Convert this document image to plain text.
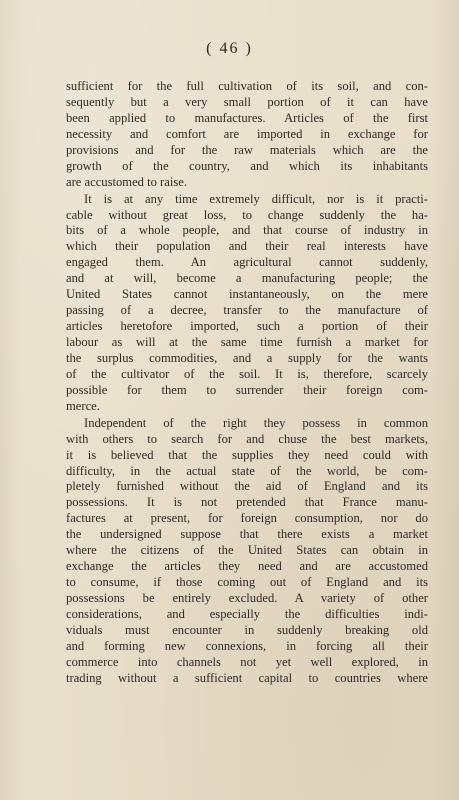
( 46 )
sufficient for the full cultivation of its soil, and con-
sequently but a very small portion of it can have
been applied to manufactures. Articles of the first
necessity and comfort are imported in exchange for
provisions and for the raw materials which are the
growth of the country, and which its inhabitants
are accustomed to raise.
It is at any time extremely difficult, nor is it practi-
cable without great loss, to change suddenly the ha-
bits of a whole people, and that course of industry in
which their population and their real interests have
engaged them. An agricultural cannot suddenly,
and at will, become a manufacturing people; the
United States cannot instantaneously, on the mere
passing of a decree, transfer to the manufacture of
articles heretofore imported, such a portion of their
labour as will at the same time furnish a market for
the surplus commodities, and a supply for the wants
of the cultivator of the soil. It is, therefore, scarcely
possible for them to surrender their foreign com-
merce.
Independent of the right they possess in common
with others to search for and chuse the best markets,
it is believed that the supplies they need could with
difficulty, in the actual state of the world, be com-
pletely furnished without the aid of England and its
possessions. It is not pretended that France manu-
factures at present, for foreign consumption, nor do
the undersigned suppose that there exists a market
where the citizens of the United States can obtain in
exchange the articles they need and are accustomed
to consume, if those coming out of England and its
possessions be entirely excluded. A variety of other
considerations, and especially the difficulties indi-
viduals must encounter in suddenly breaking old
and forming new connexions, in forcing all their
commerce into channels not yet well explored, in
trading without a sufficient capital to countries where
